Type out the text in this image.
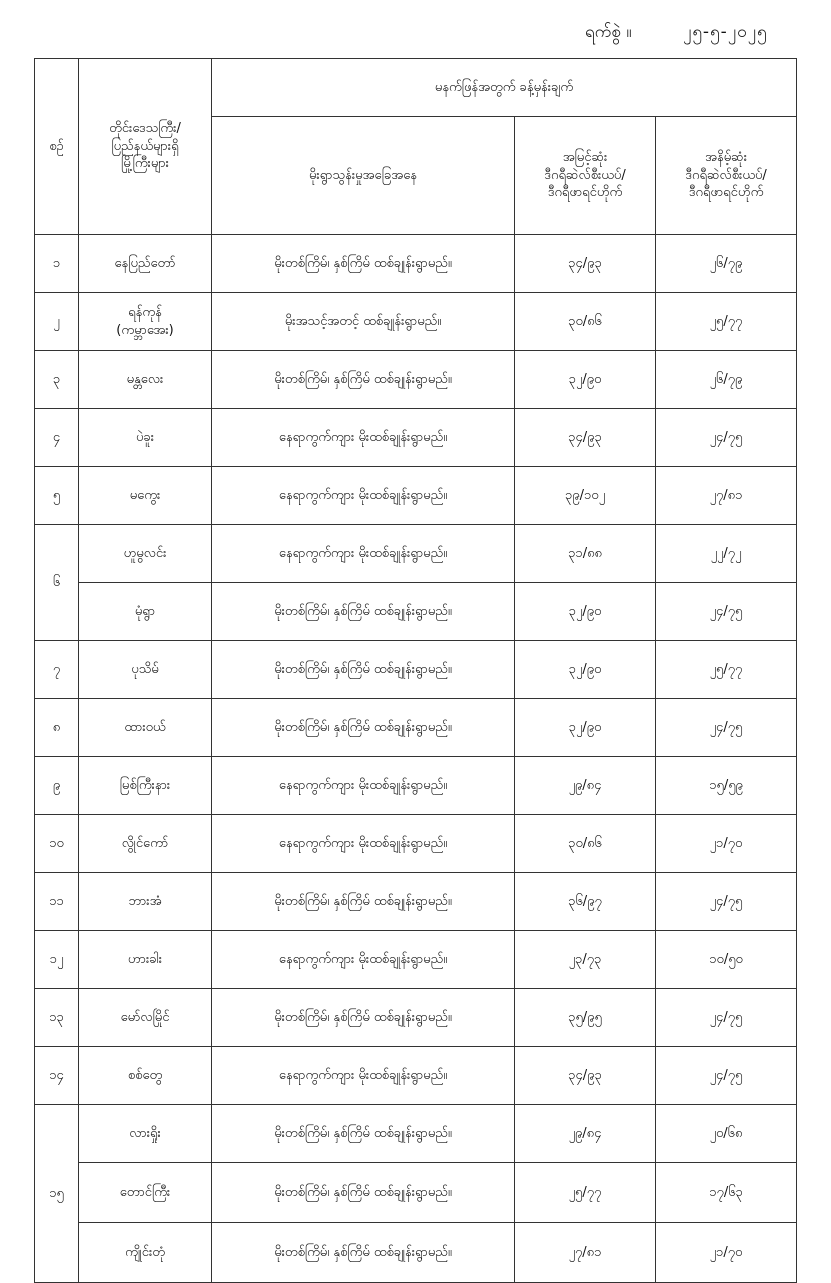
ရက်စွဲ ။	၂၅-၅-၂၀၂၅
စဉ်	တိုင်းဒေသကြီး/
ပြည်နယ်များရှိ
မြို့ကြီးများ	မနက်ဖြန်အတွက် ခန့်မှန်းချက်		
		မိုးရွာသွန်းမှုအခြေအနေ	အမြင့်ဆုံး
ဒီဂရီဆဲလ်စီးယပ်/
ဒီဂရီဖာရင်ဟိုက်	အနိမ့်ဆုံး
ဒီဂရီဆဲလ်စီးယပ်/
ဒီဂရီဖာရင်ဟိုက်
၁	နေပြည်တော်	မိုးတစ်ကြိမ်၊ နှစ်ကြိမ် ထစ်ချုန်းရွာမည်။	၃၄/၉၃	၂၆/၇၉
၂	ရန်ကုန်
(ကမ္ဘာအေး)	မိုးအသင့်အတင့် ထစ်ချုန်းရွာမည်။	၃၀/၈၆	၂၅/၇၇
၃	မန္တလေး	မိုးတစ်ကြိမ်၊ နှစ်ကြိမ် ထစ်ချုန်းရွာမည်။	၃၂/၉၀	၂၆/၇၉
၄	ပဲခူး	နေရာကွက်ကျား မိုးထစ်ချုန်းရွာမည်။	၃၄/၉၃	၂၄/၇၅
၅	မကွေး	နေရာကွက်ကျား မိုးထစ်ချုန်းရွာမည်။	၃၉/၁၀၂	၂၇/၈၁
၆	ဟူမွလင်း	နေရာကွက်ကျား မိုးထစ်ချုန်းရွာမည်။	၃၁/၈၈	၂၂/၇၂
	မုံရွာ	မိုးတစ်ကြိမ်၊ နှစ်ကြိမ် ထစ်ချုန်းရွာမည်။	၃၂/၉၀	၂၄/၇၅
၇	ပုသိမ်	မိုးတစ်ကြိမ်၊ နှစ်ကြိမ် ထစ်ချုန်းရွာမည်။	၃၂/၉၀	၂၅/၇၇
၈	ထားဝယ်	မိုးတစ်ကြိမ်၊ နှစ်ကြိမ် ထစ်ချုန်းရွာမည်။	၃၂/၉၀	၂၄/၇၅
၉	မြစ်ကြီးနား	နေရာကွက်ကျား မိုးထစ်ချုန်းရွာမည်။	၂၉/၈၄	၁၅/၅၉
၁၀	လွိုင်ကော်	နေရာကွက်ကျား မိုးထစ်ချုန်းရွာမည်။	၃၀/၈၆	၂၁/၇၀
၁၁	ဘားအံ	မိုးတစ်ကြိမ်၊ နှစ်ကြိမ် ထစ်ချုန်းရွာမည်။	၃၆/၉၇	၂၄/၇၅
၁၂	ဟားခါး	နေရာကွက်ကျား မိုးထစ်ချုန်းရွာမည်။	၂၃/၇၃	၁၀/၅၀
၁၃	မော်လမြိုင်	မိုးတစ်ကြိမ်၊ နှစ်ကြိမ် ထစ်ချုန်းရွာမည်။	၃၅/၉၅	၂၄/၇၅
၁၄	စစ်တွေ	နေရာကွက်ကျား မိုးထစ်ချုန်းရွာမည်။	၃၄/၉၃	၂၄/၇၅
၁၅	လားရှိုး	မိုးတစ်ကြိမ်၊ နှစ်ကြိမ် ထစ်ချုန်းရွာမည်။	၂၉/၈၄	၂၀/၆၈
	တောင်ကြီး	မိုးတစ်ကြိမ်၊ နှစ်ကြိမ် ထစ်ချုန်းရွာမည်။	၂၅/၇၇	၁၇/၆၃
	ကျိုင်းတုံ	မိုးတစ်ကြိမ်၊ နှစ်ကြိမ် ထစ်ချုန်းရွာမည်။	၂၇/၈၁	၂၁/၇၀
